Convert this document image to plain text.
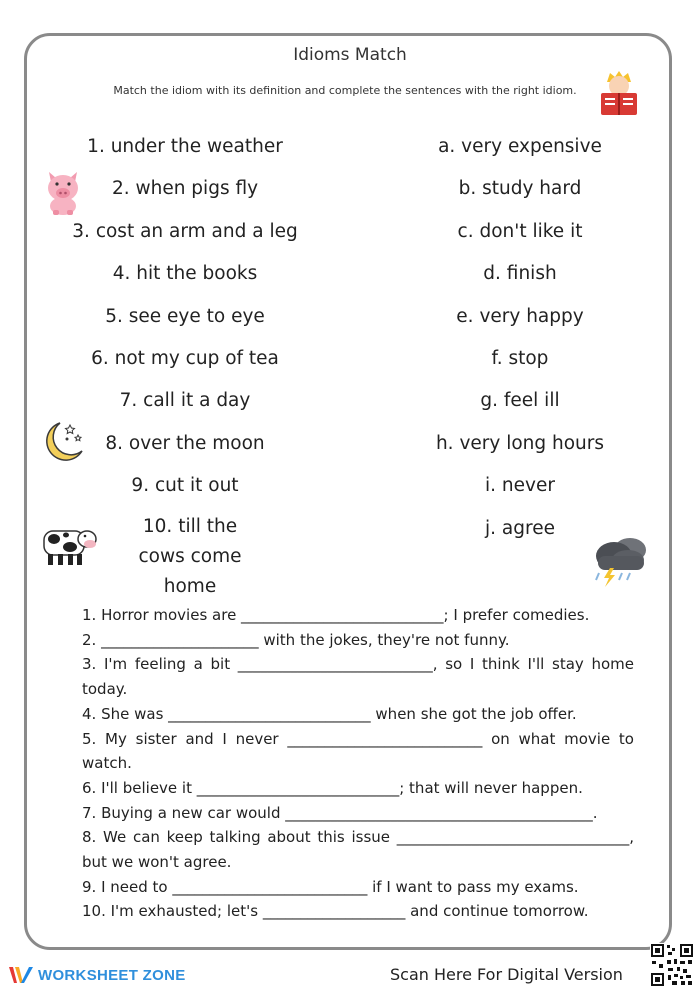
Idioms Match
Match the idiom with its definition and complete the sentences with the right idiom.
1. under the weather
2. when pigs fly
3. cost an arm and a leg
4. hit the books
5. see eye to eye
6. not my cup of tea
7. call it a day
8. over the moon
9. cut it out
10. till the cows come home
a. very expensive
b. study hard
c. don't like it
d. finish
e. very happy
f. stop
g. feel ill
h. very long hours
i. never
j. agree

1. Horror movies are ___________________________; I prefer comedies.

2. _____________________ with the jokes, they're not funny.

3. I'm feeling a bit __________________________, so I think I'll stay home today.

4. She was ___________________________ when she got the job offer.

5. My sister and I never __________________________ on what movie to watch.

6. I'll believe it ___________________________; that will never happen.

7. Buying a new car would _________________________________________.

8. We can keep talking about this issue _______________________________, but we won't agree.

9. I need to __________________________ if I want to pass my exams.

10. I'm exhausted; let's ___________________ and continue tomorrow.

WORKSHEET ZONE	Scan Here For Digital Version
